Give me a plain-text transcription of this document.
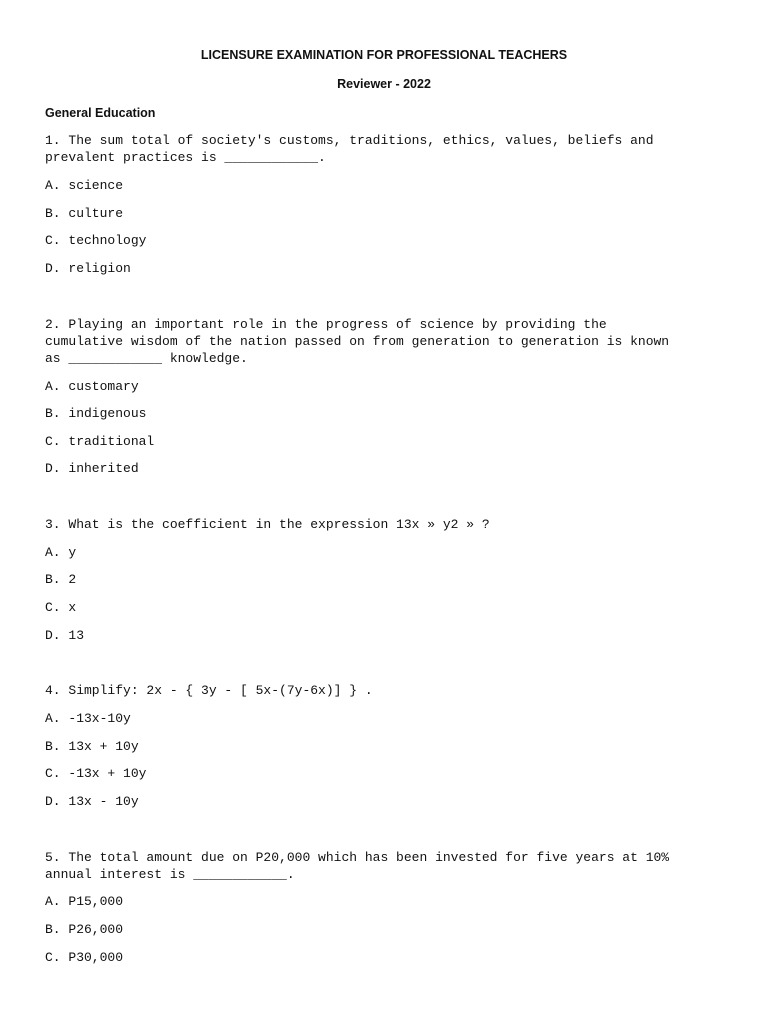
LICENSURE EXAMINATION FOR PROFESSIONAL TEACHERS
Reviewer - 2022
General Education
1. The sum total of society's customs, traditions, ethics, values, beliefs and
prevalent practices is ____________.
A. science
B. culture
C. technology
D. religion
2. Playing an important role in the progress of science by providing the
cumulative wisdom of the nation passed on from generation to generation is known
as ____________ knowledge.
A. customary
B. indigenous
C. traditional
D. inherited
3. What is the coefficient in the expression 13x » y2 » ?
A. y
B. 2
C. x
D. 13
4. Simplify: 2x - { 3y - [ 5x-(7y-6x)] } .
A. -13x-10y
B. 13x + 10y
C. -13x + 10y
D. 13x - 10y
5. The total amount due on P20,000 which has been invested for five years at 10%
annual interest is ____________.
A. P15,000
B. P26,000
C. P30,000
